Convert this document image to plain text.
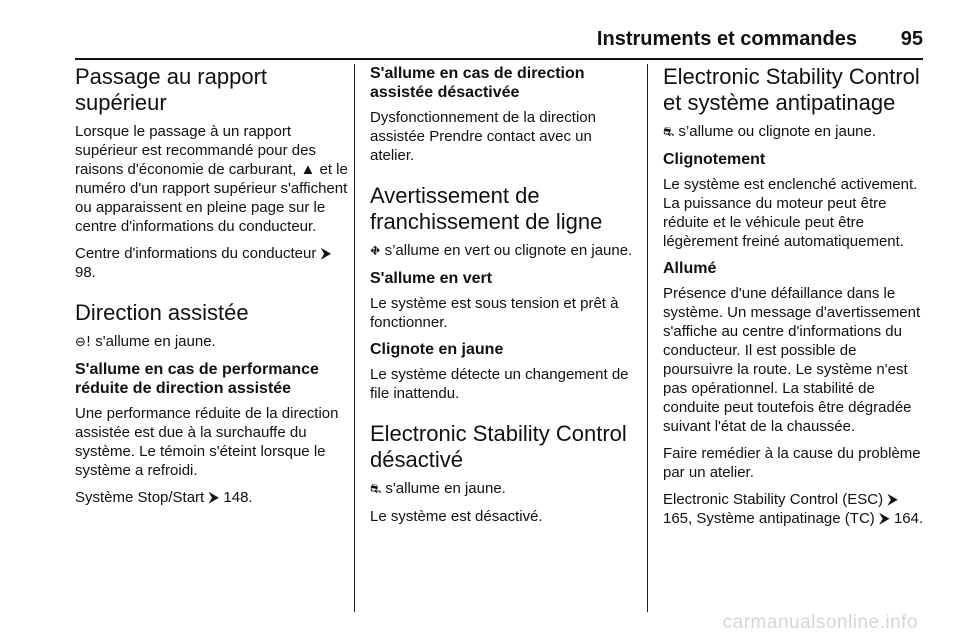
Instruments et commandes 95
Passage au rapport supérieur

Lorsque le passage à un rapport supérieur est recommandé pour des raisons d'économie de carburant, ▲ et le numéro d'un rapport supérieur s'affichent ou apparaissent en pleine page sur le centre d'informations du conducteur.

Centre d'informations du conducteur ⮞ 98.

Direction assistée

⊖! s'allume en jaune.

S'allume en cas de performance réduite de direction assistée

Une performance réduite de la direction assistée est due à la surchauffe du système. Le témoin s'éteint lorsque le système a refroidi.

Système Stop/Start ⮞ 148.

S'allume en cas de direction assistée désactivée

Dysfonctionnement de la direction assistée Prendre contact avec un atelier.

Avertissement de franchissement de ligne

⛖ s’allume en vert ou clignote en jaune.

S'allume en vert

Le système est sous tension et prêt à fonctionner.

Clignote en jaune

Le système détecte un changement de file inattendu.

Electronic Stability Control désactivé

⛐ s'allume en jaune.

Le système est désactivé.

Electronic Stability Control et système antipatinage

⛐ s’allume ou clignote en jaune.

Clignotement

Le système est enclenché activement. La puissance du moteur peut être réduite et le véhicule peut être légèrement freiné automatiquement.

Allumé

Présence d'une défaillance dans le système. Un message d'avertissement s'affiche au centre d'informations du conducteur. Il est possible de poursuivre la route. Le système n'est pas opérationnel. La stabilité de conduite peut toutefois être dégradée suivant l'état de la chaussée.

Faire remédier à la cause du problème par un atelier.

Electronic Stability Control (ESC) ⮞ 165, Système antipatinage (TC) ⮞ 164.

carmanualsonline.info
